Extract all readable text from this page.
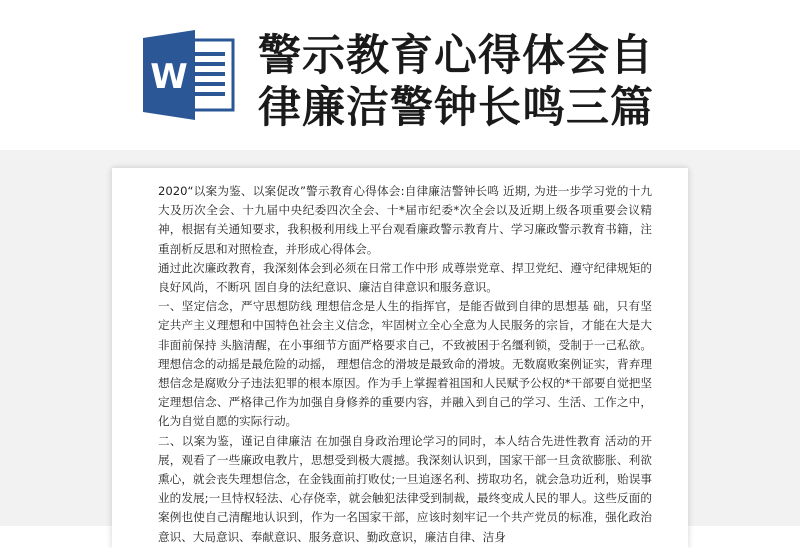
W 警示教育心得体会自
律廉洁警钟长鸣三篇

2020“以案为鉴、以案促改”警示教育心得体会:自律廉洁警钟长鸣 近期, 为进一步学习党的十九大及历次全会、十九届中央纪委四次全会、十*届市纪委*次全会以及近期上级各项重要会议精神，根据有关通知要求，我积极利用线上平台观看廉政警示教育片、学习廉政警示教育书籍，注重剖析反思和对照检查，并形成心得体会。

通过此次廉政教育，我深刻体会到必须在日常工作中形 成尊崇党章、捍卫党纪、遵守纪律规矩的良好风尚，不断巩 固自身的法纪意识、廉洁自律意识和服务意识。

一、坚定信念，严守思想防线 理想信念是人生的指挥官，是能否做到自律的思想基 础，只有坚定共产主义理想和中国特色社会主义信念，牢固树立全心全意为人民服务的宗旨，才能在大是大非面前保持 头脑清醒，在小事细节方面严格要求自己，不致被困于名缰利锁，受制于一己私欲。理想信念的动摇是最危险的动摇， 理想信念的滑坡是最致命的滑坡。无数腐败案例证实，背弃理想信念是腐败分子违法犯罪的根本原因。作为手上掌握着祖国和人民赋予公权的*干部要自觉把坚定理想信念、严格律己作为加强自身修养的重要内容，并融入到自己的学习、生活、工作之中，化为自觉自愿的实际行动。

二、以案为鉴，谨记自律廉洁 在加强自身政治理论学习的同时，本人结合先进性教育 活动的开展，观看了一些廉政电教片，思想受到极大震撼。我深刻认识到，国家干部一旦贪欲膨胀、利欲熏心，就会丧失理想信念，在金钱面前打败仗;一旦追逐名利、捞取功名，就会急功近利，贻误事业的发展;一旦恃权轻法、心存侥幸，就会触犯法律受到制裁，最终变成人民的罪人。这些反面的案例也使自己清醒地认识到，作为一名国家干部，应该时刻牢记一个共产党员的标准，强化政治意识、大局意识、奉献意识、服务意识、勤政意识，廉洁自律、洁身
